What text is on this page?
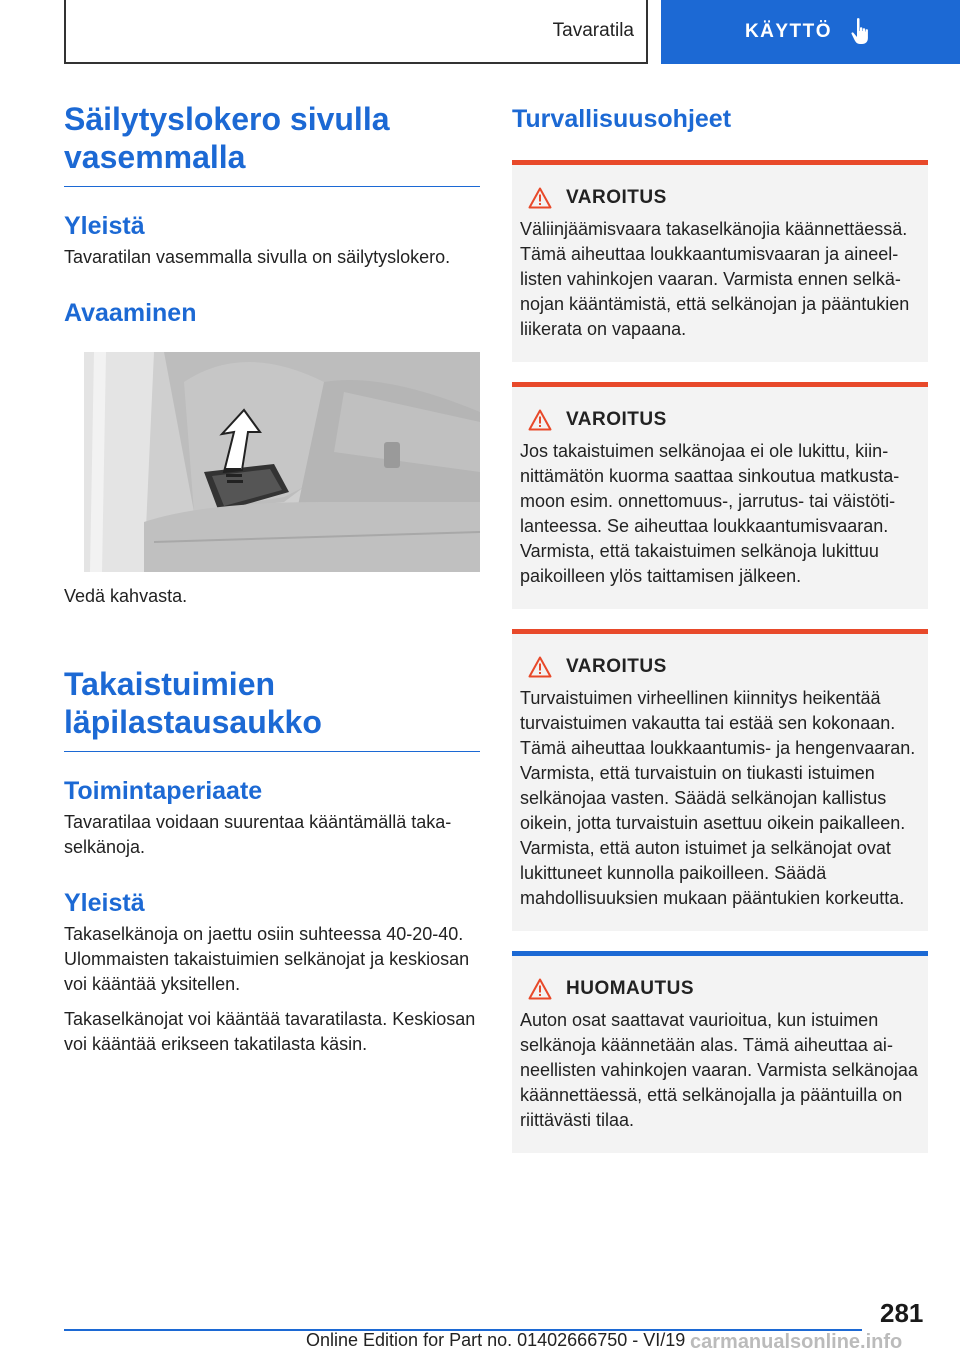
Tavaratila	KÄYTTÖ
Säilytyslokero sivulla vasemmalla
Yleistä

Tavaratilan vasemmalla sivulla on säilytyslokero.

Avaaminen

Vedä kahvasta.

Takaistuimien läpilastausaukko
Toimintaperiaate

Tavaratilaa voidaan suurentaa kääntämällä takaselkänoja.

Yleistä

Takaselkänoja on jaettu osiin suhteessa 40-20-40. Ulommaisten takaistuimien selkänojat ja keskiosan voi kääntää yksitellen.

Takaselkänojat voi kääntää tavaratilasta. Keskiosan voi kääntää erikseen takatilasta käsin.

Turvallisuusohjeet
VAROITUS

Väliinjäämisvaara takaselkänojia käännettäessä. Tämä aiheuttaa loukkaantumisvaaran ja aineellisten vahinkojen vaaran. Varmista ennen selkänojan kääntämistä, että selkänojan ja pääntukien liikerata on vapaana.

VAROITUS

Jos takaistuimen selkänojaa ei ole lukittu, kiinnittämätön kuorma saattaa sinkoutua matkustamoon esim. onnettomuus-, jarrutus- tai väistötilanteessa. Se aiheuttaa loukkaantumisvaaran. Varmista, että takaistuimen selkänoja lukittuu paikoilleen ylös taittamisen jälkeen.

VAROITUS

Turvaistuimen virheellinen kiinnitys heikentää turvaistuimen vakautta tai estää sen kokonaan. Tämä aiheuttaa loukkaantumis- ja hengenvaaran. Varmista, että turvaistuin on tiukasti istuimen selkänojaa vasten. Säädä selkänojan kallistus oikein, jotta turvaistuin asettuu oikein paikalleen. Varmista, että auton istuimet ja selkänojat ovat lukittuneet kunnolla paikoilleen. Säädä mahdollisuuksien mukaan pääntukien korkeutta.

HUOMAUTUS

Auton osat saattavat vaurioitua, kun istuimen selkänoja käännetään alas. Tämä aiheuttaa aineellisten vahinkojen vaaran. Varmista selkänojaa käännettäessä, että selkänojalla ja pääntuilla on riittävästi tilaa.

281
Online Edition for Part no. 01402666750 - VI/19 carmanualsonline.info
